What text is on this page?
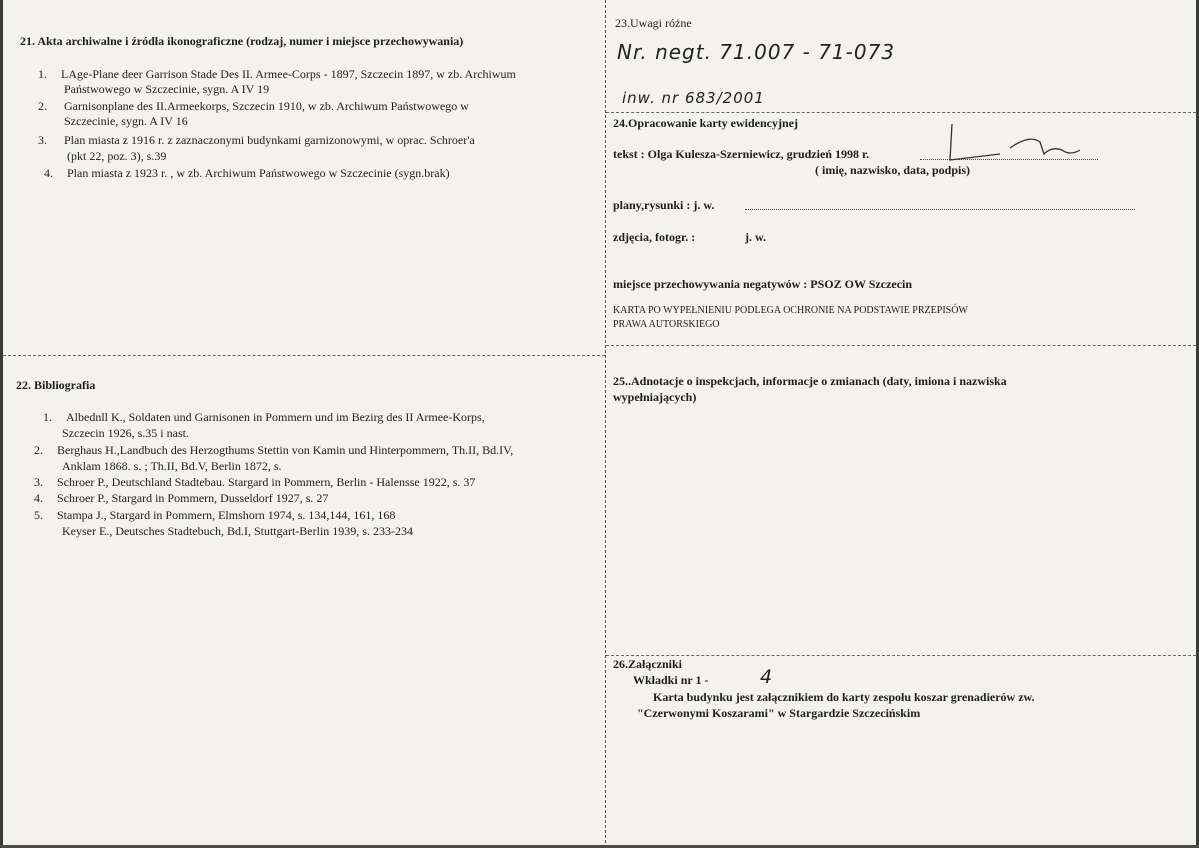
21. Akta archiwalne i źródła ikonograficzne (rodzaj, numer i miejsce przechowywania)
1. LAge-Plane deer Garrison Stade Des II. Armee-Corps - 1897, Szczecin 1897, w zb. Archiwum
Państwowego w Szczecinie, sygn. A IV 19
2. Garnisonplane des II.Armeekorps, Szczecin 1910, w zb. Archiwum Państwowego w
Szczecinie, sygn. A IV 16
3. Plan miasta z 1916 r. z zaznaczonymi budynkami garnizonowymi, w oprac. Schroer'a
(pkt 22, poz. 3), s.39
4. Plan miasta z 1923 r. , w zb. Archiwum Państwowego w Szczecinie (sygn.brak)
22. Bibliografia
1. Albednll K., Soldaten und Garnisonen in Pommern und im Bezirg des II Armee-Korps,
Szczecin 1926, s.35 i nast.
2. Berghaus H.,Landbuch des Herzogthums Stettin von Kamin und Hinterpommern, Th.II, Bd.IV,
Anklam 1868. s. ; Th.II, Bd.V, Berlin 1872, s.
3. Schroer P., Deutschland Stadtebau. Stargard in Pommern, Berlin - Halensse 1922, s. 37
4. Schroer P., Stargard in Pommern, Dusseldorf 1927, s. 27
5. Stampa J., Stargard in Pommern, Elmshorn 1974, s. 134,144, 161, 168
Keyser E., Deutsches Stadtebuch, Bd.I, Stuttgart-Berlin 1939, s. 233-234
23.Uwagi różne
Nr. negt. 71.007 - 71-073
inw. nr 683/2001
24.Opracowanie karty ewidencyjnej
tekst : Olga Kulesza-Szerniewicz, grudzień 1998 r.
( imię, nazwisko, data, podpis)
plany,rysunki : j. w.
zdjęcia, fotogr. :	j. w.
miejsce przechowywania negatywów : PSOZ OW Szczecin
KARTA PO WYPEŁNIENIU PODLEGA OCHRONIE NA PODSTAWIE PRZEPISÓW
PRAWA AUTORSKIEGO
25..Adnotacje o inspekcjach, informacje o zmianach (daty, imiona i nazwiska
wypełniających)
26.Załączniki
Wkładki nr 1 -	4
Karta budynku jest załącznikiem do karty zespołu koszar grenadierów zw.
"Czerwonymi Koszarami" w Stargardzie Szczecińskim
